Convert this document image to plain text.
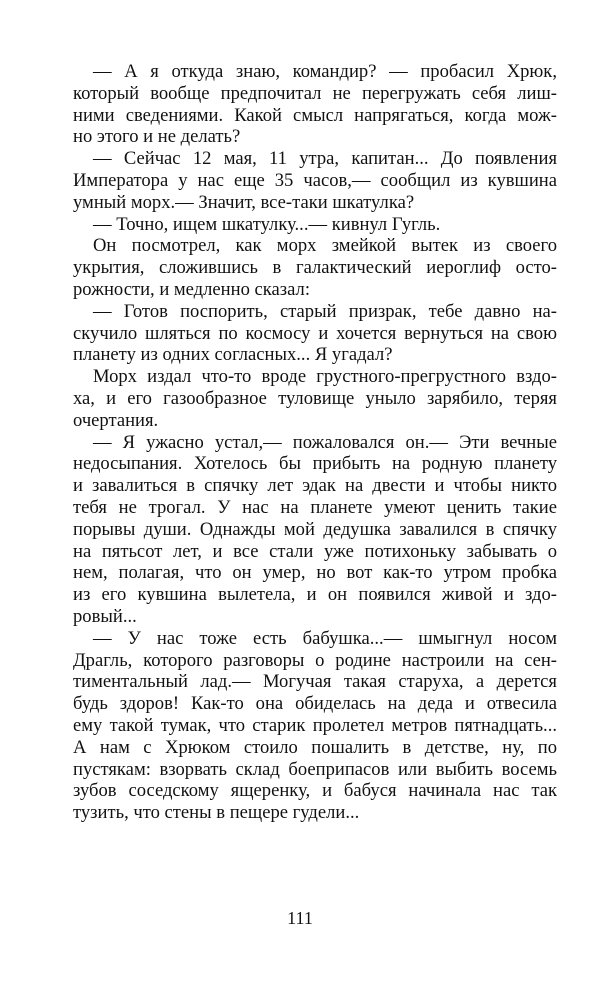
— А я откуда знаю, командир? — пробасил Хрюк,
который вообще предпочитал не перегружать себя лиш-
ними сведениями. Какой смысл напрягаться, когда мож-
но этого и не делать?
— Сейчас 12 мая, 11 утра, капитан... До появления
Императора у нас еще 35 часов,— сообщил из кувшина
умный морх.— Значит, все-таки шкатулка?
— Точно, ищем шкатулку...— кивнул Гугль.
Он посмотрел, как морх змейкой вытек из своего
укрытия, сложившись в галактический иероглиф осто-
рожности, и медленно сказал:
— Готов поспорить, старый призрак, тебе давно на-
скучило шляться по космосу и хочется вернуться на свою
планету из одних согласных... Я угадал?
Морх издал что-то вроде грустного-прегрустного вздо-
ха, и его газообразное туловище уныло зарябило, теряя
очертания.
— Я ужасно устал,— пожаловался он.— Эти вечные
недосыпания. Хотелось бы прибыть на родную планету
и завалиться в спячку лет эдак на двести и чтобы никто
тебя не трогал. У нас на планете умеют ценить такие
порывы души. Однажды мой дедушка завалился в спячку
на пятьсот лет, и все стали уже потихоньку забывать о
нем, полагая, что он умер, но вот как-то утром пробка
из его кувшина вылетела, и он появился живой и здо-
ровый...
— У нас тоже есть бабушка...— шмыгнул носом
Драгль, которого разговоры о родине настроили на сен-
тиментальный лад.— Могучая такая старуха, а дерется
будь здоров! Как-то она обиделась на деда и отвесила
ему такой тумак, что старик пролетел метров пятнадцать...
А нам с Хрюком стоило пошалить в детстве, ну, по
пустякам: взорвать склад боеприпасов или выбить восемь
зубов соседскому ящеренку, и бабуся начинала нас так
тузить, что стены в пещере гудели...
111
